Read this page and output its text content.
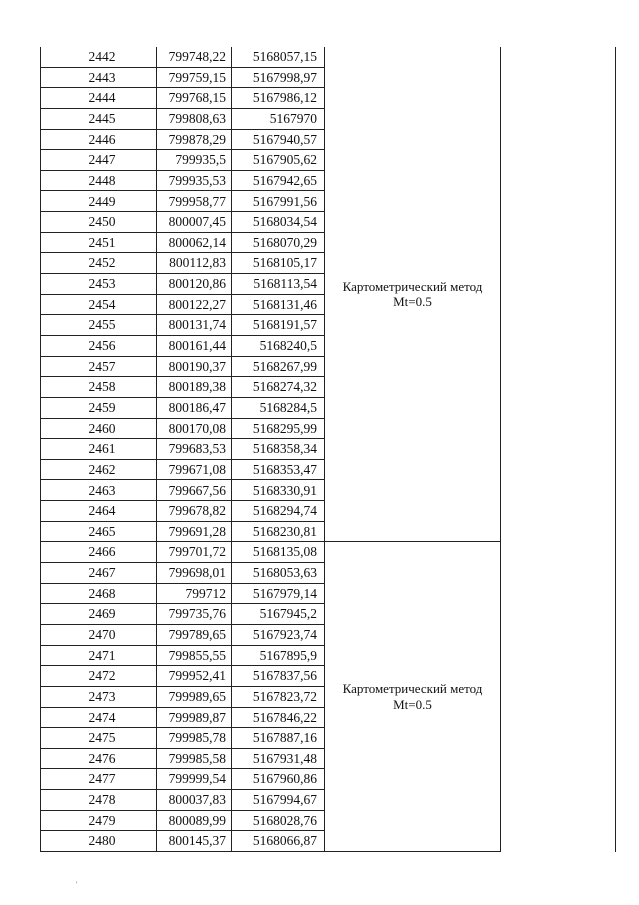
2442	799748,22	5168057,15	Картометрический метод
Mt=0.5		
2443	799759,15	5167998,97		
2444	799768,15	5167986,12		
2445	799808,63	5167970		
2446	799878,29	5167940,57		
2447	799935,5	5167905,62		
2448	799935,53	5167942,65		
2449	799958,77	5167991,56		
2450	800007,45	5168034,54		
2451	800062,14	5168070,29		
2452	800112,83	5168105,17		
2453	800120,86	5168113,54		
2454	800122,27	5168131,46		
2455	800131,74	5168191,57		
2456	800161,44	5168240,5		
2457	800190,37	5168267,99		
2458	800189,38	5168274,32		
2459	800186,47	5168284,5		
2460	800170,08	5168295,99		
2461	799683,53	5168358,34		
2462	799671,08	5168353,47		
2463	799667,56	5168330,91		
2464	799678,82	5168294,74		
2465	799691,28	5168230,81		
2466	799701,72	5168135,08	Картометрический метод
Mt=0.5		
2467	799698,01	5168053,63		
2468	799712	5167979,14		
2469	799735,76	5167945,2		
2470	799789,65	5167923,74		
2471	799855,55	5167895,9		
2472	799952,41	5167837,56		
2473	799989,65	5167823,72		
2474	799989,87	5167846,22		
2475	799985,78	5167887,16		
2476	799985,58	5167931,48		
2477	799999,54	5167960,86		
2478	800037,83	5167994,67		
2479	800089,99	5168028,76		
2480	800145,37	5168066,87		
'
